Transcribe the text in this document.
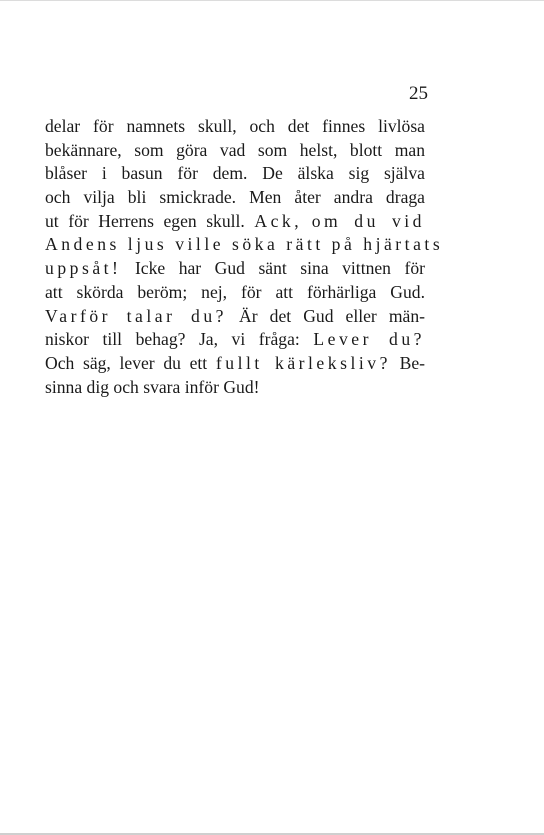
25
delar för namnets skull, och det finnes livlösa
bekännare, som göra vad som helst, blott man
blåser i basun för dem. De älska sig själva
och vilja bli smickrade. Men åter andra draga
ut för Herrens egen skull. Ack, om du vid
Andens ljus ville söka rätt på hjärtats
uppsåt! Icke har Gud sänt sina vittnen för
att skörda beröm; nej, för att förhärliga Gud.
Varför talar du? Är det Gud eller män-
niskor till behag? Ja, vi fråga: Lever du?
Och säg, lever du ett fullt kärleksliv? Be-
sinna dig och svara inför Gud!
